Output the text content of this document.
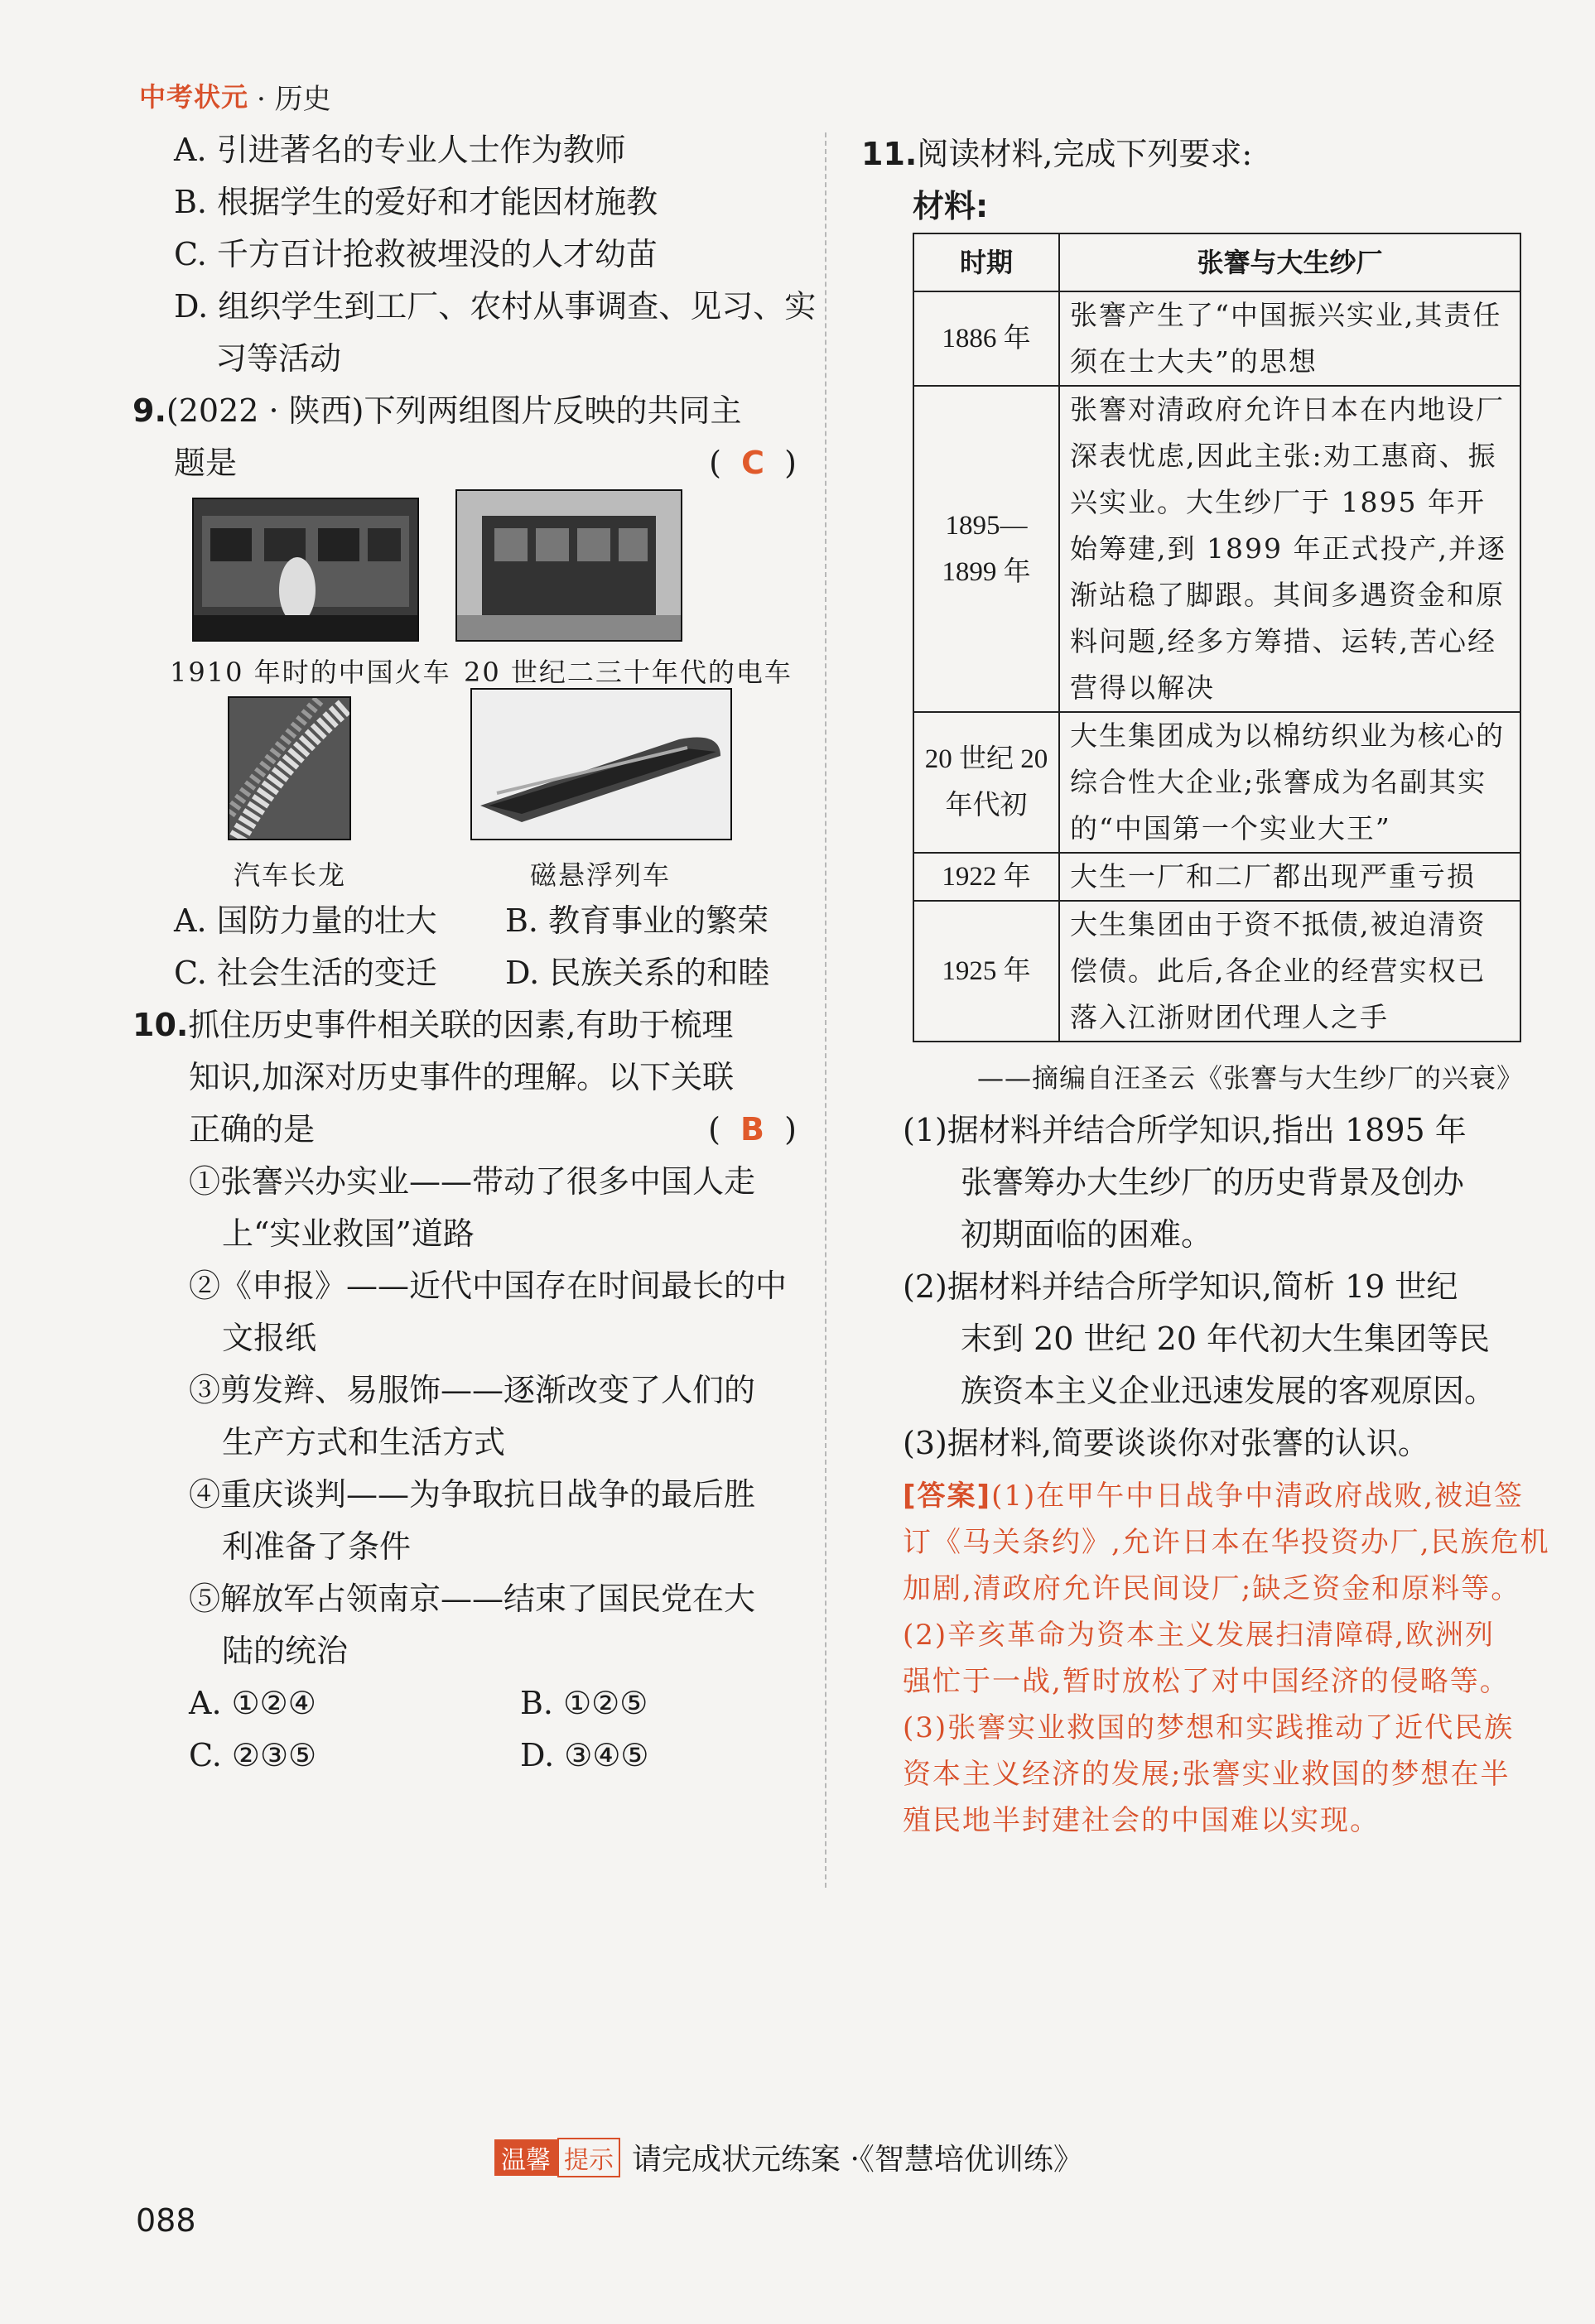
中考状元 · 历史
A. 引进著名的专业人士作为教师
B. 根据学生的爱好和才能因材施教
C. 千方百计抢救被埋没的人才幼苗
D. 组织学生到工厂、农村从事调查、见习、实
习等活动
9.(2022 · 陕西)下列两组图片反映的共同主
题是	(  C  )
1910 年时的中国火车 20 世纪二三十年代的电车
汽车长龙	磁悬浮列车
A. 国防力量的壮大	B. 教育事业的繁荣
C. 社会生活的变迁	D. 民族关系的和睦
10.抓住历史事件相关联的因素,有助于梳理
知识,加深对历史事件的理解。以下关联
正确的是	(  B  )
①张謇兴办实业——带动了很多中国人走
上“实业救国”道路
②《申报》——近代中国存在时间最长的中
文报纸
③剪发辫、易服饰——逐渐改变了人们的
生产方式和生活方式
④重庆谈判——为争取抗日战争的最后胜
利准备了条件
⑤解放军占领南京——结束了国民党在大
陆的统治
A. ①②④	B. ①②⑤
C. ②③⑤	D. ③④⑤
11.阅读材料,完成下列要求:
材料:
时期	张謇与大生纱厂
1886 年	张謇产生了“中国振兴实业,其责任须在士大夫”的思想
1895—1899 年	张謇对清政府允许日本在内地设厂深表忧虑,因此主张:劝工惠商、振兴实业。大生纱厂于 1895 年开始筹建,到 1899 年正式投产,并逐渐站稳了脚跟。其间多遇资金和原料问题,经多方筹措、运转,苦心经营得以解决
20 世纪 20 年代初	大生集团成为以棉纺织业为核心的综合性大企业;张謇成为名副其实的“中国第一个实业大王”
1922 年	大生一厂和二厂都出现严重亏损
1925 年	大生集团由于资不抵债,被迫清资偿债。此后,各企业的经营实权已落入江浙财团代理人之手
——摘编自汪圣云《张謇与大生纱厂的兴衰》
(1)据材料并结合所学知识,指出 1895 年
张謇筹办大生纱厂的历史背景及创办
初期面临的困难。
(2)据材料并结合所学知识,简析 19 世纪
末到 20 世纪 20 年代初大生集团等民
族资本主义企业迅速发展的客观原因。
(3)据材料,简要谈谈你对张謇的认识。
[答案](1)在甲午中日战争中清政府战败,被迫签
订《马关条约》,允许日本在华投资办厂,民族危机
加剧,清政府允许民间设厂;缺乏资金和原料等。
(2)辛亥革命为资本主义发展扫清障碍,欧洲列
强忙于一战,暂时放松了对中国经济的侵略等。
(3)张謇实业救国的梦想和实践推动了近代民族
资本主义经济的发展;张謇实业救国的梦想在半
殖民地半封建社会的中国难以实现。
温馨 提示 请完成状元练案 ·《智慧培优训练》
088
